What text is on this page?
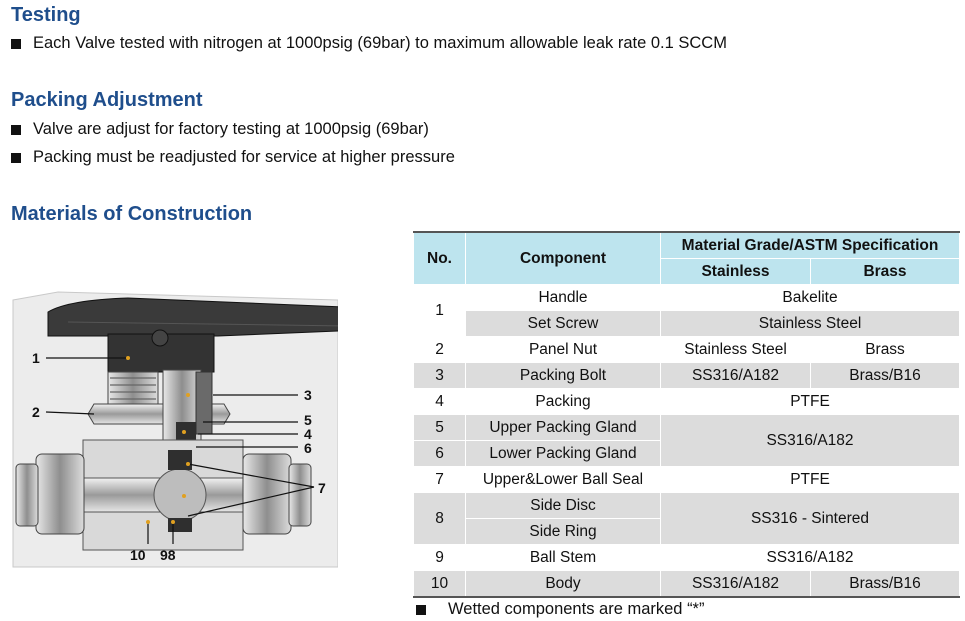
Testing
Each Valve tested with nitrogen at 1000psig (69bar) to maximum allowable leak rate 0.1 SCCM
Packing Adjustment
Valve are adjust for factory testing at 1000psig (69bar)
Packing must be readjusted for service at higher pressure
Materials of Construction
1
2
3
5
4
6
7
10 98
No.	Component	Material Grade/ASTM Specification	
		Stainless	Brass
1	Handle	Bakelite	
	Set Screw	Stainless Steel	
2	Panel Nut	Stainless Steel	Brass
3	Packing Bolt	SS316/A182	Brass/B16
4	Packing	PTFE	
5	Upper Packing Gland	SS316/A182	
6	Lower Packing Gland		
7	Upper&Lower Ball Seal	PTFE	
8	Side Disc	SS316 - Sintered	
	Side Ring		
9	Ball Stem	SS316/A182	
10	Body	SS316/A182	Brass/B16
Wetted components are marked “*”
